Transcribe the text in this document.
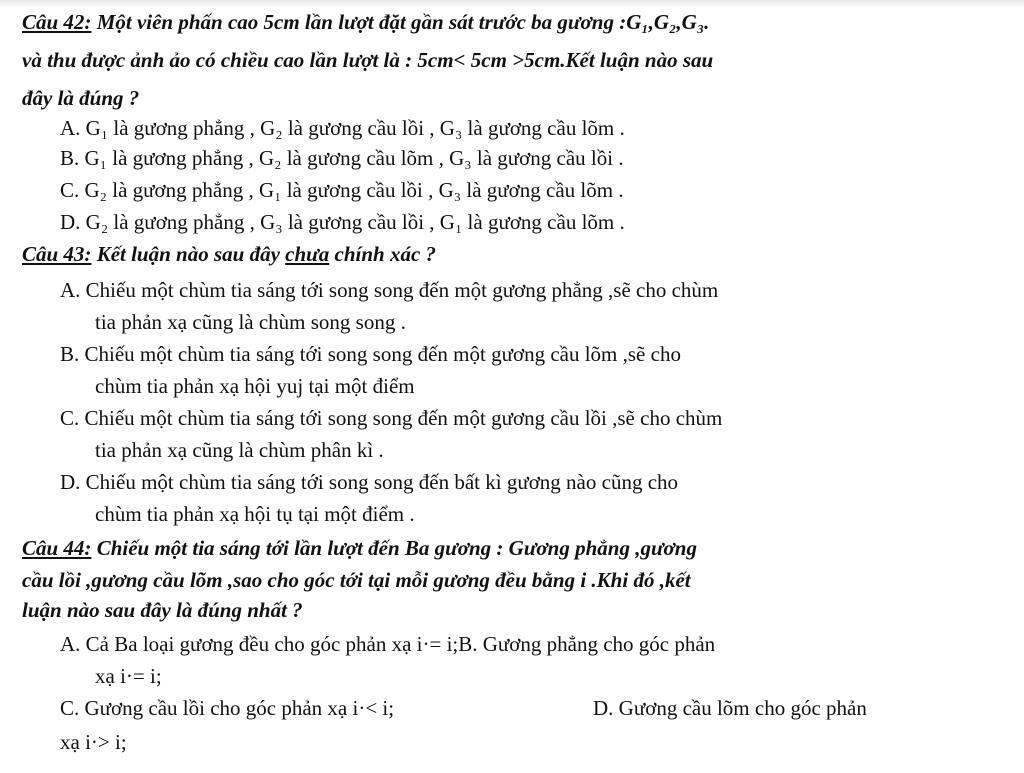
Câu 42: Một viên phấn cao 5cm lần lượt đặt gần sát trước ba gương :G₁,G₂,G₃.
và thu được ảnh ảo có chiều cao lần lượt là : 5cm< 5cm >5cm.Kết luận nào sau
đây là đúng ?
A. G₁ là gương phẳng , G₂ là gương cầu lồi , G₃ là gương cầu lõm .
B. G₁ là gương phẳng , G₂ là gương cầu lõm , G₃ là gương cầu lồi .
C. G₂ là gương phẳng , G₁ là gương cầu lồi , G₃ là gương cầu lõm .
D. G₂ là gương phẳng , G₃ là gương cầu lồi , G₁ là gương cầu lõm .
Câu 43: Kết luận nào sau đây chưa chính xác ?
A. Chiếu một chùm tia sáng tới song song đến một gương phẳng ,sẽ cho chùm
tia phản xạ cũng là chùm song song .
B. Chiếu một chùm tia sáng tới song song đến một gương cầu lõm ,sẽ cho
chùm tia phản xạ hội yuj tại một điểm
C. Chiếu một chùm tia sáng tới song song đến một gương cầu lồi ,sẽ cho chùm
tia phản xạ cũng là chùm phân kì .
D. Chiếu một chùm tia sáng tới song song đến bất kì gương nào cũng cho
chùm tia phản xạ hội tụ tại một điểm .
Câu 44: Chiếu một tia sáng tới lần lượt đến Ba gương : Gương phẳng ,gương
cầu lồi ,gương cầu lõm ,sao cho góc tới tại mỗi gương đều bằng i .Khi đó ,kết
luận nào sau đây là đúng nhất ?
A. Cả Ba loại gương đều cho góc phản xạ i·= i;B. Gương phẳng cho góc phản
xạ i·= i;
C. Gương cầu lồi cho góc phản xạ i·< i;	D. Gương cầu lõm cho góc phản
xạ i·> i;
